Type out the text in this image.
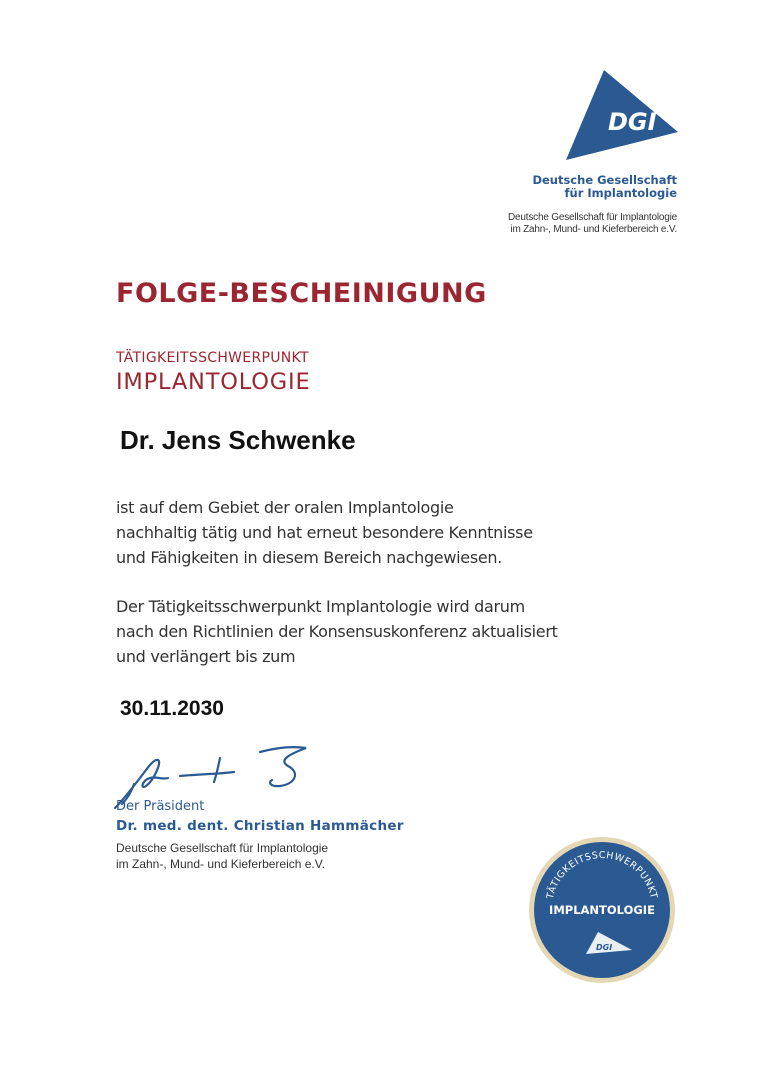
DGI
Deutsche Gesellschaft
für Implantologie
Deutsche Gesellschaft für Implantologie
im Zahn-, Mund- und Kieferbereich e.V.
FOLGE-BESCHEINIGUNG
TÄTIGKEITSSCHWERPUNKT
IMPLANTOLOGIE
Dr. Jens Schwenke
ist auf dem Gebiet der oralen Implantologie
nachhaltig tätig und hat erneut besondere Kenntnisse
und Fähigkeiten in diesem Bereich nachgewiesen.
Der Tätigkeitsschwerpunkt Implantologie wird darum
nach den Richtlinien der Konsensuskonferenz aktualisiert
und verlängert bis zum
30.11.2030
Der Präsident
Dr. med. dent. Christian Hammächer
Deutsche Gesellschaft für Implantologie
im Zahn-, Mund- und Kieferbereich e.V.
TÄTIGKEITSSCHWERPUNKT
IMPLANTOLOGIE
DGI
